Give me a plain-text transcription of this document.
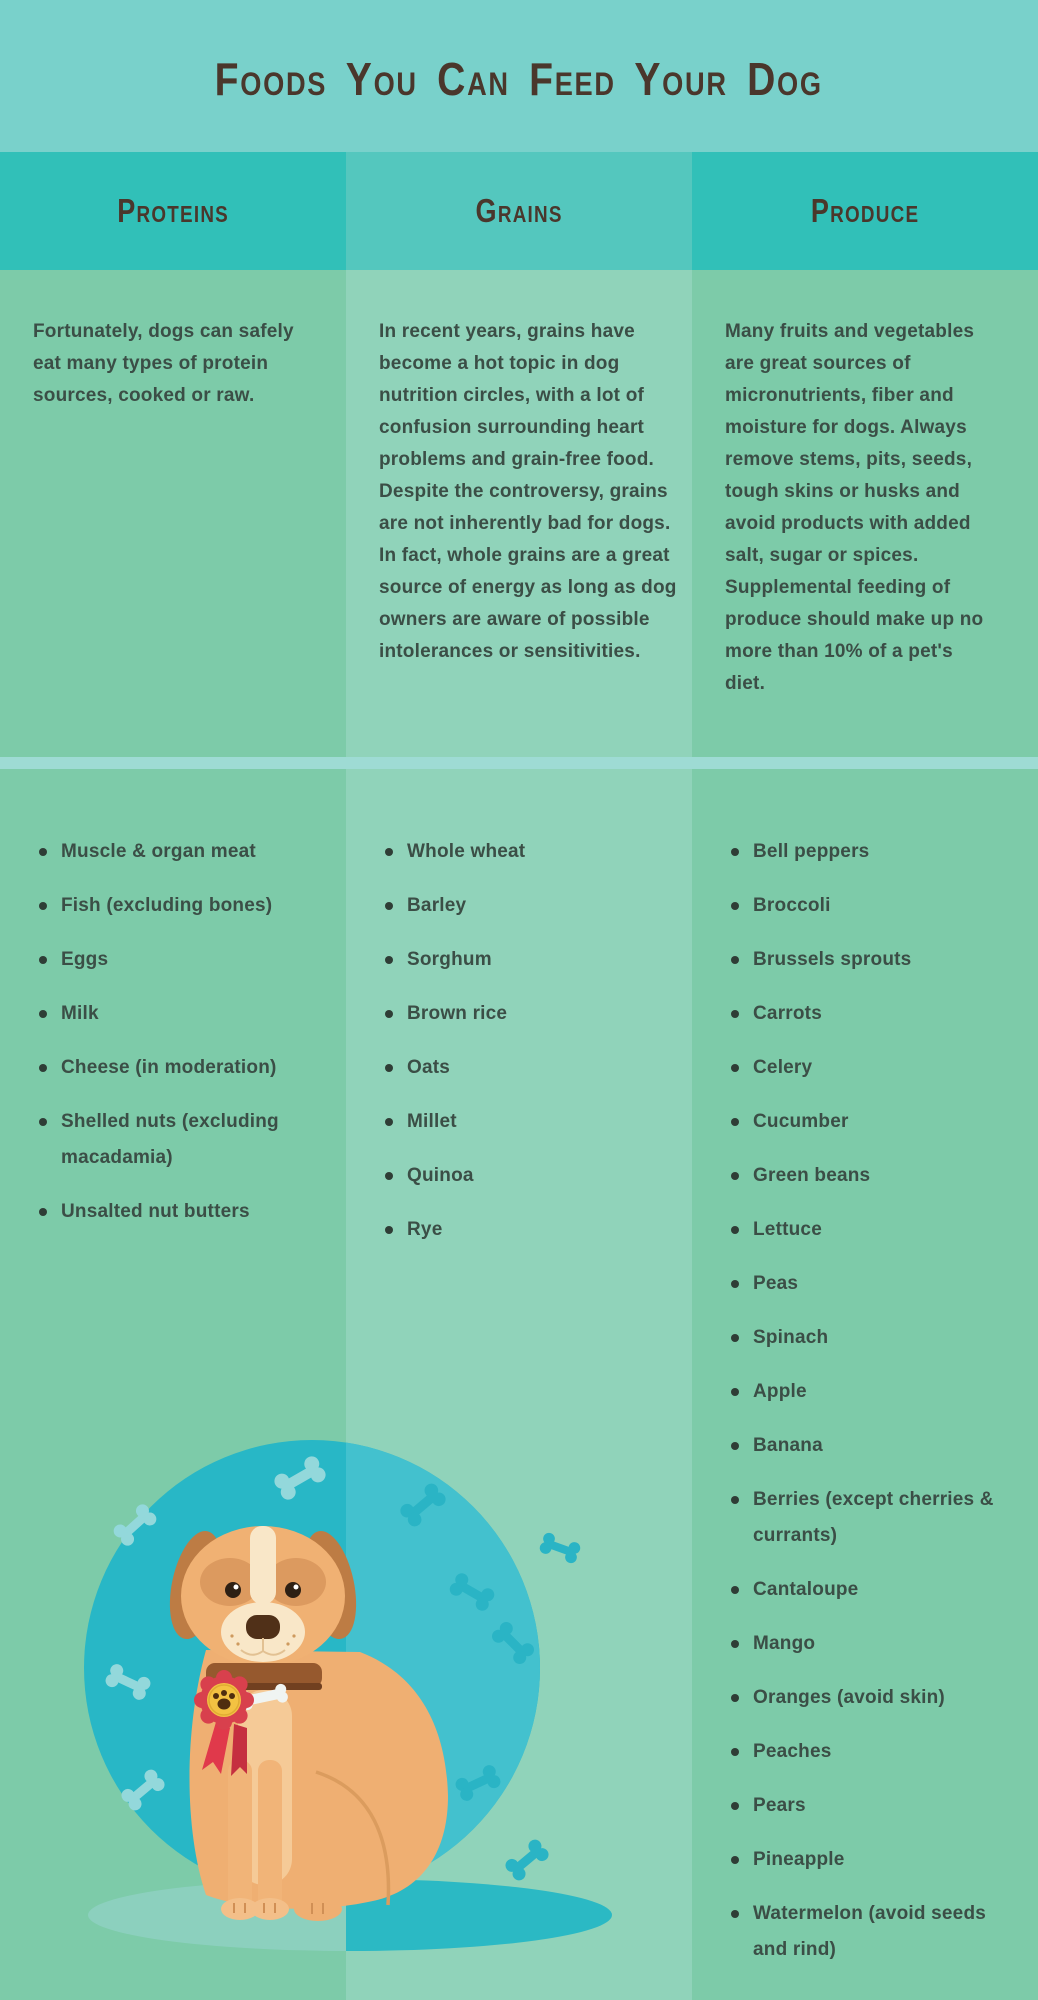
Foods You Can Feed Your Dog
Proteins	Grains	Produce

Fortunately, dogs can safely eat many types of protein sources, cooked or raw.

In recent years, grains have become a hot topic in dog nutrition circles, with a lot of confusion surrounding heart problems and grain-free food. Despite the controversy, grains are not inherently bad for dogs. In fact, whole grains are a great source of energy as long as dog owners are aware of possible intolerances or sensitivities.

Many fruits and vegetables are great sources of micronutrients, fiber and moisture for dogs. Always remove stems, pits, seeds, tough skins or husks and avoid products with added salt, sugar or spices. Supplemental feeding of produce should make up no more than 10% of a pet's diet.

Muscle & organ meat
Fish (excluding bones)
Eggs
Milk
Cheese (in moderation)
Shelled nuts (excluding macadamia)
Unsalted nut butters
Whole wheat
Barley
Sorghum
Brown rice
Oats
Millet
Quinoa
Rye
Bell peppers
Broccoli
Brussels sprouts
Carrots
Celery
Cucumber
Green beans
Lettuce
Peas
Spinach
Apple
Banana
Berries (except cherries & currants)
Cantaloupe
Mango
Oranges (avoid skin)
Peaches
Pears
Pineapple
Watermelon (avoid seeds and rind)
